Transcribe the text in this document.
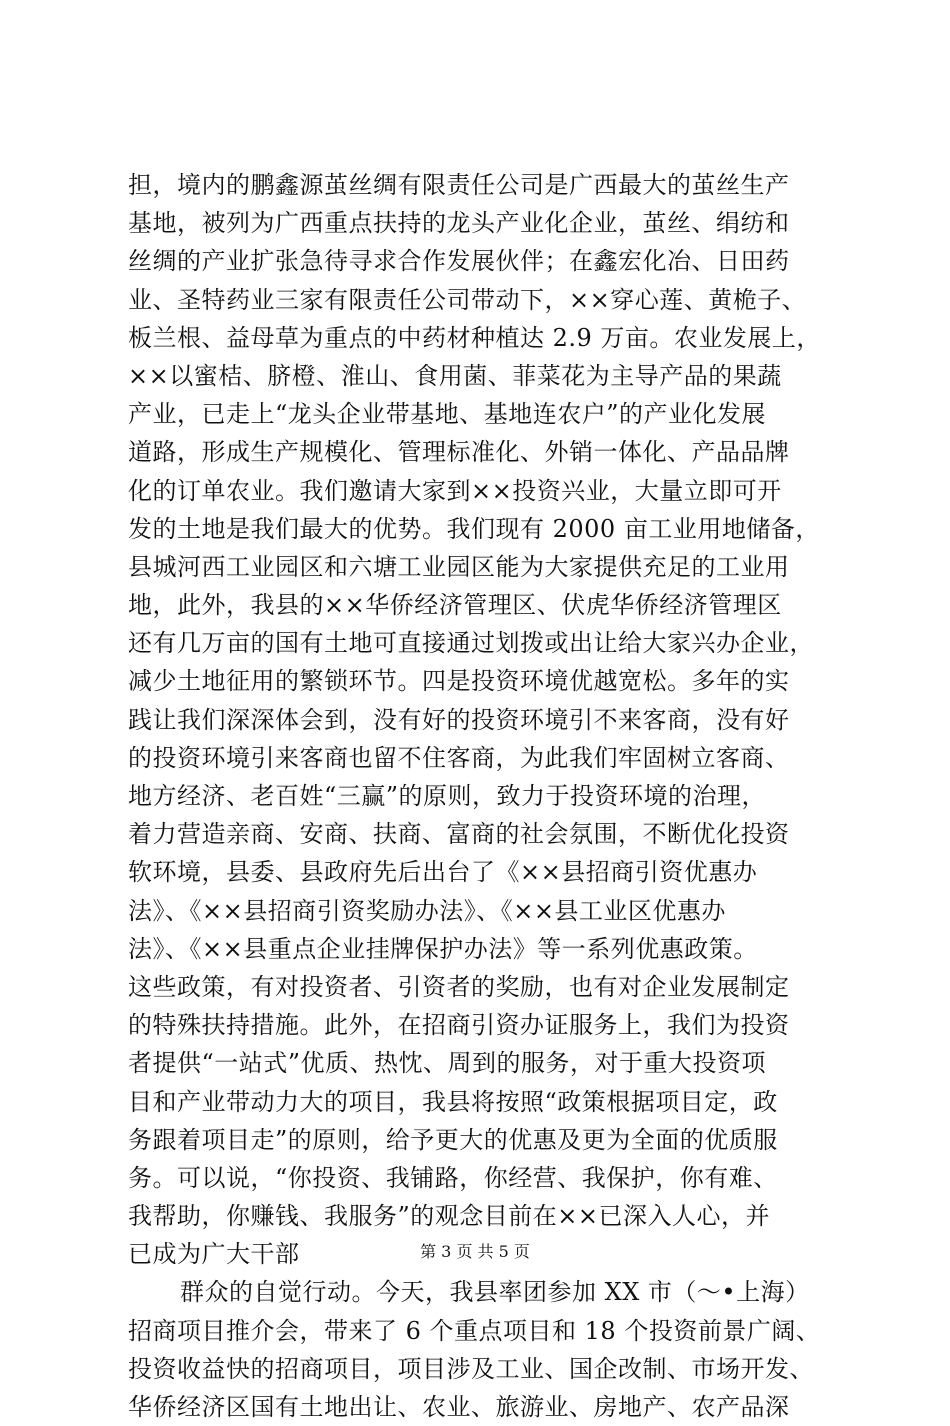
担，境内的鹏鑫源茧丝绸有限责任公司是广西最大的茧丝生产
基地，被列为广西重点扶持的龙头产业化企业，茧丝、绢纺和
丝绸的产业扩张急待寻求合作发展伙伴；在鑫宏化冶、日田药
业、圣特药业三家有限责任公司带动下，××穿心莲、黄桅子、
板兰根、益母草为重点的中药材种植达 2.9 万亩。农业发展上，
××以蜜桔、脐橙、淮山、食用菌、菲菜花为主导产品的果蔬
产业，已走上“龙头企业带基地、基地连农户”的产业化发展
道路，形成生产规模化、管理标准化、外销一体化、产品品牌
化的订单农业。我们邀请大家到××投资兴业，大量立即可开
发的土地是我们最大的优势。我们现有 2000 亩工业用地储备，
县城河西工业园区和六塘工业园区能为大家提供充足的工业用
地，此外，我县的××华侨经济管理区、伏虎华侨经济管理区
还有几万亩的国有土地可直接通过划拨或出让给大家兴办企业，
减少土地征用的繁锁环节。四是投资环境优越宽松。多年的实
践让我们深深体会到，没有好的投资环境引不来客商，没有好
的投资环境引来客商也留不住客商，为此我们牢固树立客商、
地方经济、老百姓“三赢”的原则，致力于投资环境的治理，
着力营造亲商、安商、扶商、富商的社会氛围，不断优化投资
软环境，县委、县政府先后出台了《××县招商引资优惠办
法》、《××县招商引资奖励办法》、《××县工业区优惠办
法》、《××县重点企业挂牌保护办法》等一系列优惠政策。
这些政策，有对投资者、引资者的奖励，也有对企业发展制定
的特殊扶持措施。此外，在招商引资办证服务上，我们为投资
者提供“一站式”优质、热忱、周到的服务，对于重大投资项
目和产业带动力大的项目，我县将按照“政策根据项目定，政
务跟着项目走”的原则，给予更大的优惠及更为全面的优质服
务。可以说，“你投资、我铺路，你经营、我保护，你有难、
我帮助，你赚钱、我服务”的观念目前在××已深入人心，并
已成为广大干部
群众的自觉行动。今天，我县率团参加 XX 市（～•上海）
招商项目推介会，带来了 6 个重点项目和 18 个投资前景广阔、
投资收益快的招商项目，项目涉及工业、国企改制、市场开发、
华侨经济区国有土地出让、农业、旅游业、房地产、农产品深
第 3 页 共 5 页
